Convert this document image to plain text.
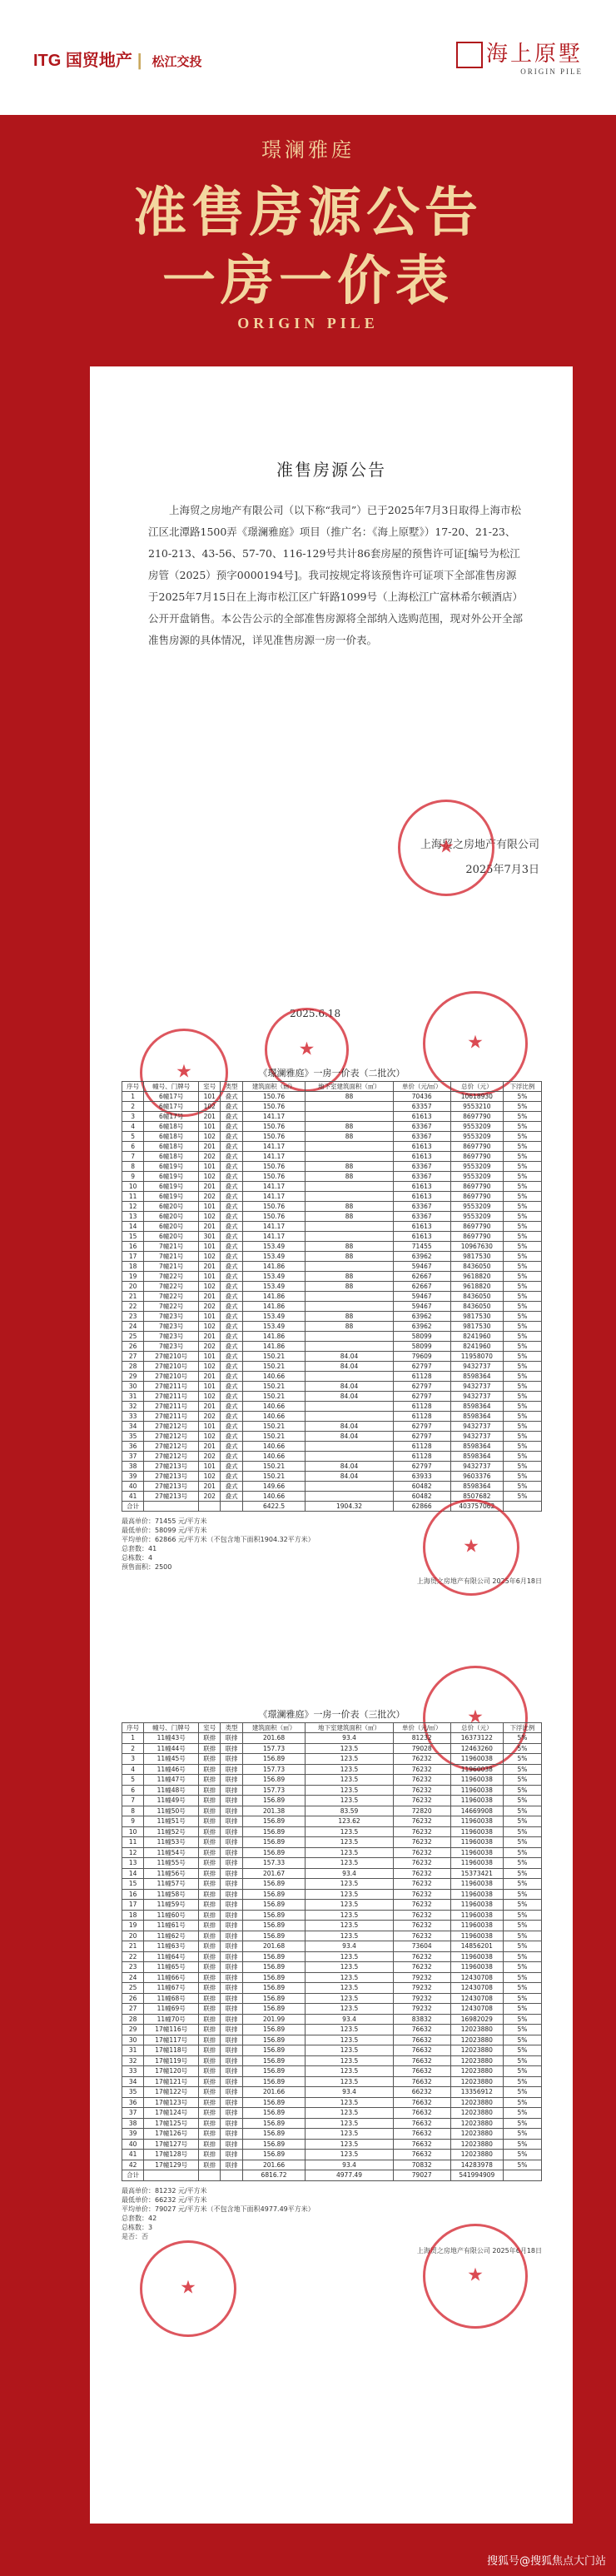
ITG 国贸地产 | 松江交投	海上原墅
ORIGIN PILE
璟澜雅庭
准售房源公告
一房一价表
ORIGIN PILE
准售房源公告
上海贸之房地产有限公司（以下称“我司”）已于2025年7月3日取得上海市松江区北潭路1500弄《璟澜雅庭》项目（推广名：《海上原墅》）17-20、21-23、210-213、43-56、57-70、116-129号共计86套房屋的预售许可证[编号为松江房管（2025）预字0000194号]。我司按规定将该预售许可证项下全部准售房源于2025年7月15日在上海市松江区广轩路1099号（上海松江广富林希尔顿酒店）公开开盘销售。本公告公示的全部准售房源将全部纳入选购范围，现对外公开全部准售房源的具体情况，详见准售房源一房一价表。
上海贸之房地产有限公司
2025年7月3日
★
2025.6.18
★
★
★
《璟澜雅庭》一房一价表（二批次）
序号	幢号、门牌号	室号	类型	建筑面积（㎡）	地下室建筑面积（㎡）	单价（元/㎡）	总价（元）	下浮比例
1	6幢17号	101	叠式	150.76	88	70436	10618930	5%
2	6幢17号	102	叠式	150.76		63357	9553210	5%
3	6幢17号	201	叠式	141.17		61613	8697790	5%
4	6幢18号	101	叠式	150.76	88	63367	9553209	5%
5	6幢18号	102	叠式	150.76	88	63367	9553209	5%
6	6幢18号	201	叠式	141.17		61613	8697790	5%
7	6幢18号	202	叠式	141.17		61613	8697790	5%
8	6幢19号	101	叠式	150.76	88	63367	9553209	5%
9	6幢19号	102	叠式	150.76	88	63367	9553209	5%
10	6幢19号	201	叠式	141.17		61613	8697790	5%
11	6幢19号	202	叠式	141.17		61613	8697790	5%
12	6幢20号	101	叠式	150.76	88	63367	9553209	5%
13	6幢20号	102	叠式	150.76	88	63367	9553209	5%
14	6幢20号	201	叠式	141.17		61613	8697790	5%
15	6幢20号	301	叠式	141.17		61613	8697790	5%
16	7幢21号	101	叠式	153.49	88	71455	10967630	5%
17	7幢21号	102	叠式	153.49	88	63962	9817530	5%
18	7幢21号	201	叠式	141.86		59467	8436050	5%
19	7幢22号	101	叠式	153.49	88	62667	9618820	5%
20	7幢22号	102	叠式	153.49	88	62667	9618820	5%
21	7幢22号	201	叠式	141.86		59467	8436050	5%
22	7幢22号	202	叠式	141.86		59467	8436050	5%
23	7幢23号	101	叠式	153.49	88	63962	9817530	5%
24	7幢23号	102	叠式	153.49	88	63962	9817530	5%
25	7幢23号	201	叠式	141.86		58099	8241960	5%
26	7幢23号	202	叠式	141.86		58099	8241960	5%
27	27幢210号	101	叠式	150.21	84.04	79609	11958070	5%
28	27幢210号	102	叠式	150.21	84.04	62797	9432737	5%
29	27幢210号	201	叠式	140.66		61128	8598364	5%
30	27幢211号	101	叠式	150.21	84.04	62797	9432737	5%
31	27幢211号	102	叠式	150.21	84.04	62797	9432737	5%
32	27幢211号	201	叠式	140.66		61128	8598364	5%
33	27幢211号	202	叠式	140.66		61128	8598364	5%
34	27幢212号	101	叠式	150.21	84.04	62797	9432737	5%
35	27幢212号	102	叠式	150.21	84.04	62797	9432737	5%
36	27幢212号	201	叠式	140.66		61128	8598364	5%
37	27幢212号	202	叠式	140.66		61128	8598364	5%
38	27幢213号	101	叠式	150.21	84.04	62797	9432737	5%
39	27幢213号	102	叠式	150.21	84.04	63933	9603376	5%
40	27幢213号	201	叠式	149.66		60482	8598364	5%
41	27幢213号	202	叠式	140.66		60482	8507682	5%
合计				6422.5	1904.32	62866	403757062	
最高单价：71455 元/平方米
最低单价：58099 元/平方米
平均单价：62866 元/平方米（不包含地下面积1904.32平方米）
总套数：41
总栋数：4
预售面积：2500
上海贸之房地产有限公司 2025年6月18日
★
★
《璟澜雅庭》一房一价表（三批次）
序号	幢号、门牌号	室号	类型	建筑面积（㎡）	地下室建筑面积（㎡）	单价（元/㎡）	总价（元）	下浮比例
1	11幢43号	联排	联排	201.68	93.4	81232	16373122	5%
2	11幢44号	联排	联排	157.73	123.5	79028	12463260	5%
3	11幢45号	联排	联排	156.89	123.5	76232	11960038	5%
4	11幢46号	联排	联排	157.73	123.5	76232	11960038	5%
5	11幢47号	联排	联排	156.89	123.5	76232	11960038	5%
6	11幢48号	联排	联排	157.73	123.5	76232	11960038	5%
7	11幢49号	联排	联排	156.89	123.5	76232	11960038	5%
8	11幢50号	联排	联排	201.38	83.59	72820	14669908	5%
9	11幢51号	联排	联排	156.89	123.62	76232	11960038	5%
10	11幢52号	联排	联排	156.89	123.5	76232	11960038	5%
11	11幢53号	联排	联排	156.89	123.5	76232	11960038	5%
12	11幢54号	联排	联排	156.89	123.5	76232	11960038	5%
13	11幢55号	联排	联排	157.33	123.5	76232	11960038	5%
14	11幢56号	联排	联排	201.67	93.4	76232	15373421	5%
15	11幢57号	联排	联排	156.89	123.5	76232	11960038	5%
16	11幢58号	联排	联排	156.89	123.5	76232	11960038	5%
17	11幢59号	联排	联排	156.89	123.5	76232	11960038	5%
18	11幢60号	联排	联排	156.89	123.5	76232	11960038	5%
19	11幢61号	联排	联排	156.89	123.5	76232	11960038	5%
20	11幢62号	联排	联排	156.89	123.5	76232	11960038	5%
21	11幢63号	联排	联排	201.68	93.4	73604	14856201	5%
22	11幢64号	联排	联排	156.89	123.5	76232	11960038	5%
23	11幢65号	联排	联排	156.89	123.5	76232	11960038	5%
24	11幢66号	联排	联排	156.89	123.5	79232	12430708	5%
25	11幢67号	联排	联排	156.89	123.5	79232	12430708	5%
26	11幢68号	联排	联排	156.89	123.5	79232	12430708	5%
27	11幢69号	联排	联排	156.89	123.5	79232	12430708	5%
28	11幢70号	联排	联排	201.99	93.4	83832	16982029	5%
29	17幢116号	联排	联排	156.89	123.5	76632	12023880	5%
30	17幢117号	联排	联排	156.89	123.5	76632	12023880	5%
31	17幢118号	联排	联排	156.89	123.5	76632	12023880	5%
32	17幢119号	联排	联排	156.89	123.5	76632	12023880	5%
33	17幢120号	联排	联排	156.89	123.5	76632	12023880	5%
34	17幢121号	联排	联排	156.89	123.5	76632	12023880	5%
35	17幢122号	联排	联排	201.66	93.4	66232	13356912	5%
36	17幢123号	联排	联排	156.89	123.5	76632	12023880	5%
37	17幢124号	联排	联排	156.89	123.5	76632	12023880	5%
38	17幢125号	联排	联排	156.89	123.5	76632	12023880	5%
39	17幢126号	联排	联排	156.89	123.5	76632	12023880	5%
40	17幢127号	联排	联排	156.89	123.5	76632	12023880	5%
41	17幢128号	联排	联排	156.89	123.5	76632	12023880	5%
42	17幢129号	联排	联排	201.66	93.4	70832	14283978	5%
合计				6816.72	4977.49	79027	541994909	
最高单价：81232 元/平方米
最低单价：66232 元/平方米
平均单价：79027 元/平方米（不包含地下面积4977.49平方米）
总套数：42
总栋数：3
是否：否
上海贸之房地产有限公司 2025年6月18日
★
★
搜狐号@搜狐焦点大门站
